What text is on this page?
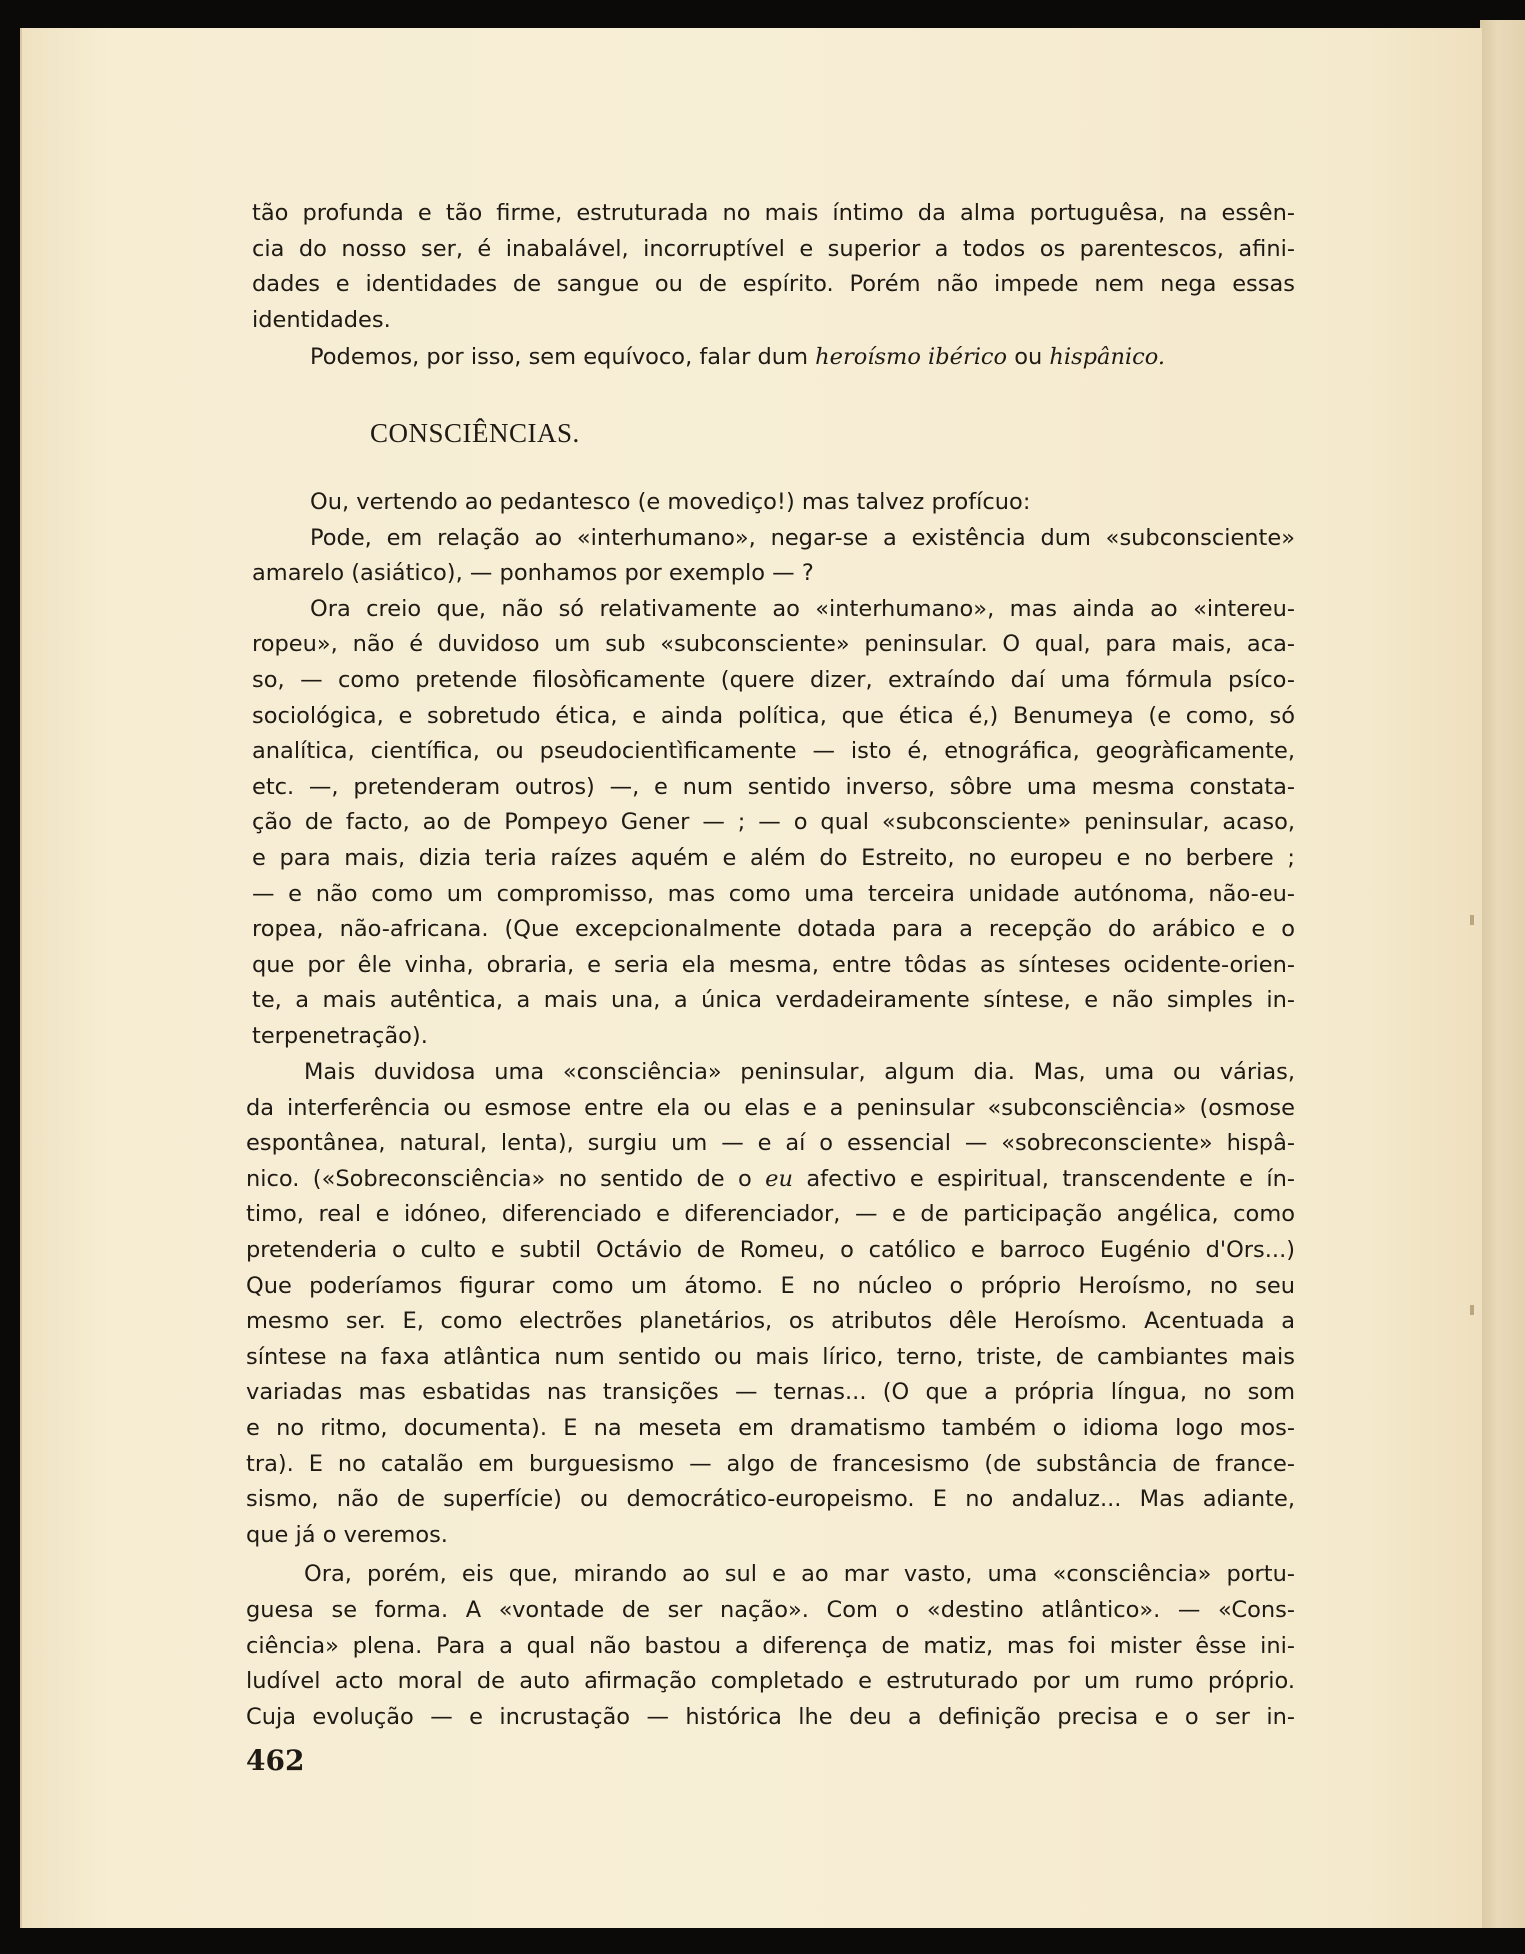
tão profunda e tão firme, estruturada no mais íntimo da alma portuguêsa, na essên-
cia do nosso ser, é inabalável, incorruptível e superior a todos os parentescos, afini-
dades e identidades de sangue ou de espírito. Porém não impede nem nega essas
identidades.
Podemos, por isso, sem equívoco, falar dum heroísmo ibérico ou hispânico.
CONSCIÊNCIAS.
Ou, vertendo ao pedantesco (e movediço!) mas talvez profícuo:
Pode, em relação ao «interhumano», negar-se a existência dum «subconsciente»
amarelo (asiático), — ponhamos por exemplo — ?
Ora creio que, não só relativamente ao «interhumano», mas ainda ao «intereu-
ropeu», não é duvidoso um sub «subconsciente» peninsular. O qual, para mais, aca-
so, — como pretende filosòficamente (quere dizer, extraíndo daí uma fórmula psíco-
sociológica, e sobretudo ética, e ainda política, que ética é,) Benumeya (e como, só
analítica, científica, ou pseudocientìficamente — isto é, etnográfica, geogràficamente,
etc. —, pretenderam outros) —, e num sentido inverso, sôbre uma mesma constata-
ção de facto, ao de Pompeyo Gener — ; — o qual «subconsciente» peninsular, acaso,
e para mais, dizia teria raízes aquém e além do Estreito, no europeu e no berbere ;
— e não como um compromisso, mas como uma terceira unidade autónoma, não-eu-
ropea, não-africana. (Que excepcionalmente dotada para a recepção do arábico e o
que por êle vinha, obraria, e seria ela mesma, entre tôdas as sínteses ocidente-orien-
te, a mais autêntica, a mais una, a única verdadeiramente síntese, e não simples in-
terpenetração).
Mais duvidosa uma «consciência» peninsular, algum dia. Mas, uma ou várias,
da interferência ou esmose entre ela ou elas e a peninsular «subconsciência» (osmose
espontânea, natural, lenta), surgiu um — e aí o essencial — «sobreconsciente» hispâ-
nico. («Sobreconsciência» no sentido de o eu afectivo e espiritual, transcendente e ín-
timo, real e idóneo, diferenciado e diferenciador, — e de participação angélica, como
pretenderia o culto e subtil Octávio de Romeu, o católico e barroco Eugénio d'Ors...)
Que poderíamos figurar como um átomo. E no núcleo o próprio Heroísmo, no seu
mesmo ser. E, como electrões planetários, os atributos dêle Heroísmo. Acentuada a
síntese na faxa atlântica num sentido ou mais lírico, terno, triste, de cambiantes mais
variadas mas esbatidas nas transições — ternas... (O que a própria língua, no som
e no ritmo, documenta). E na meseta em dramatismo também o idioma logo mos-
tra). E no catalão em burguesismo — algo de francesismo (de substância de france-
sismo, não de superfície) ou democrático-europeismo. E no andaluz... Mas adiante,
que já o veremos.
Ora, porém, eis que, mirando ao sul e ao mar vasto, uma «consciência» portu-
guesa se forma. A «vontade de ser nação». Com o «destino atlântico». — «Cons-
ciência» plena. Para a qual não bastou a diferença de matiz, mas foi mister êsse ini-
ludível acto moral de auto afirmação completado e estruturado por um rumo próprio.
Cuja evolução — e incrustação — histórica lhe deu a definição precisa e o ser in-
462
